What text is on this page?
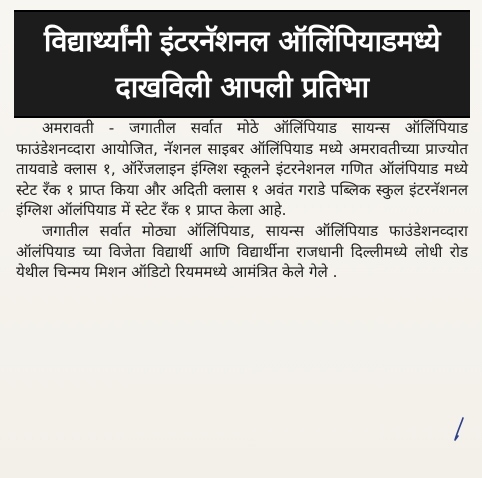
विद्यार्थ्यांनी इंटरनॅशनल ऑलिंपियाडमध्ये
दाखविली आपली प्रतिभा

अमरावती - जगातील सर्वात मोठे ऑलिंपियाड सायन्स ऑलिंपियाड फाउंडेशनव्दारा आयोजित, नॅशनल साइबर ऑलिंपियाड मध्ये अमरावतीच्या प्राज्योत तायवाडे क्लास १, ऑरेंजलाइन इंग्लिश स्कूलने इंटरनेशनल गणित ऑलंपियाड मध्ये स्टेट रँक १ प्राप्त किया और अदिती क्लास १ अवंत गराडे पब्लिक स्कुल इंटरनॅशनल इंग्लिश ऑलंपियाड में स्टेट रँक १ प्राप्त केला आहे.

जगातील सर्वात मोठ्या ऑलिंपियाड, सायन्स ऑलिंपियाड फाउंडेशनव्दारा ऑलंपियाड च्या विजेता विद्यार्थी आणि विद्यार्थीना राजधानी दिल्लीमध्ये लोधी रोड येथील चिन्मय मिशन ऑडिटो रियममध्ये आमंत्रित केले गेले .
